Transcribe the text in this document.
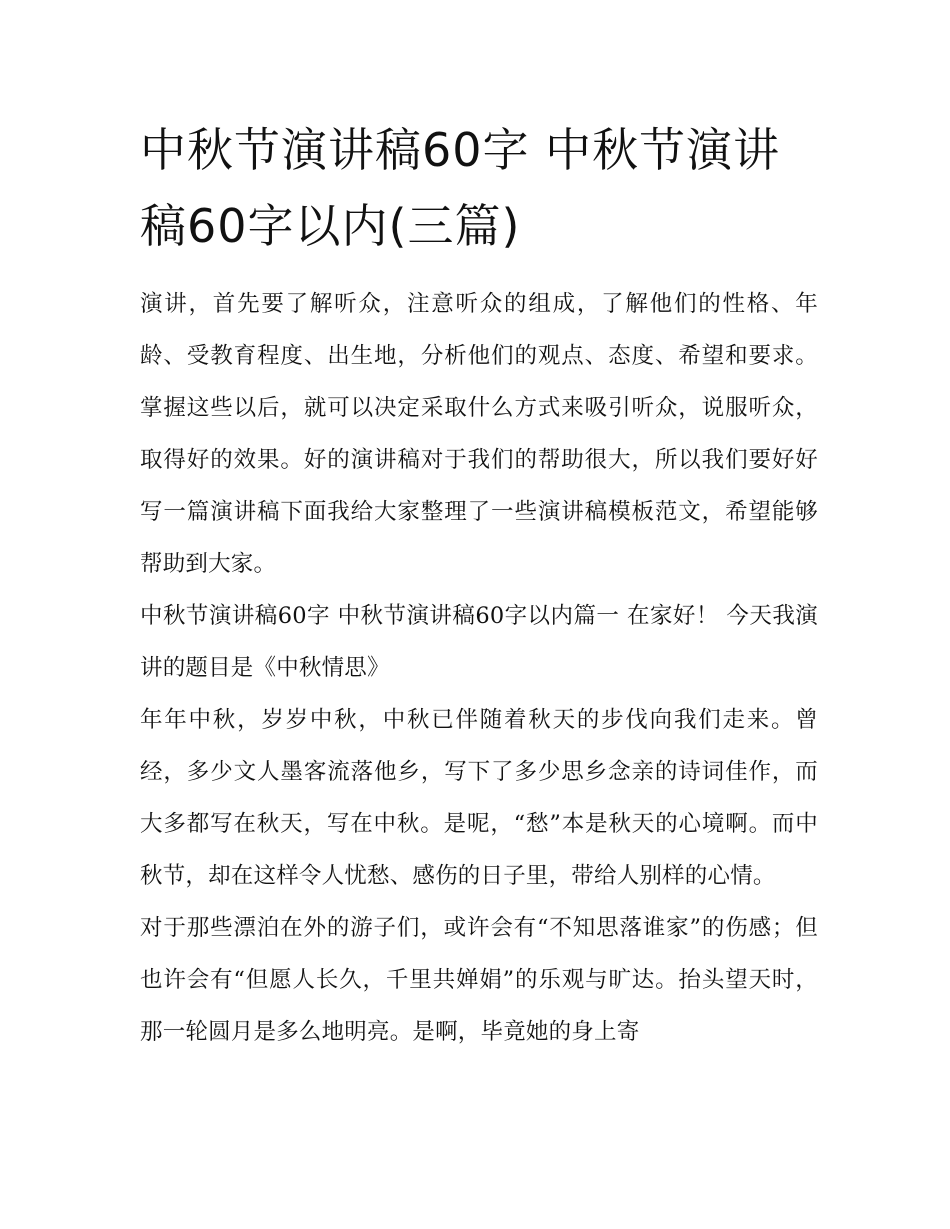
中秋节演讲稿60字 中秋节演讲稿60字以内(三篇)

演讲，首先要了解听众，注意听众的组成，了解他们的性格、年龄、受教育程度、出生地，分析他们的观点、态度、希望和要求。掌握这些以后，就可以决定采取什么方式来吸引听众，说服听众，取得好的效果。好的演讲稿对于我们的帮助很大，所以我们要好好写一篇演讲稿下面我给大家整理了一些演讲稿模板范文，希望能够帮助到大家。

中秋节演讲稿60字 中秋节演讲稿60字以内篇一 在家好！ 今天我演讲的题目是《中秋情思》

年年中秋，岁岁中秋，中秋已伴随着秋天的步伐向我们走来。曾经，多少文人墨客流落他乡，写下了多少思乡念亲的诗词佳作，而大多都写在秋天，写在中秋。是呢，“愁”本是秋天的心境啊。而中秋节，却在这样令人忧愁、感伤的日子里，带给人别样的心情。

对于那些漂泊在外的游子们，或许会有“不知思落谁家”的伤感；但也许会有“但愿人长久，千里共婵娟”的乐观与旷达。抬头望天时，那一轮圆月是多么地明亮。是啊，毕竟她的身上寄
